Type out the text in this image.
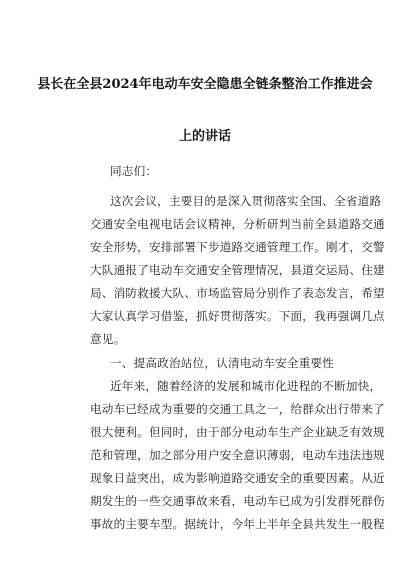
县长在全县2024年电动车安全隐患全链条整治工作推进会
上的讲话
同志们：
这次会议，主要目的是深入贯彻落实全国、全省道路
交通安全电视电话会议精神，分析研判当前全县道路交通
安全形势，安排部署下步道路交通管理工作。刚才，交警
大队通报了电动车交通安全管理情况，县道交运局、住建
局、消防救援大队、市场监管局分别作了表态发言，希望
大家认真学习借鉴，抓好贯彻落实。下面，我再强调几点
意见。
一、提高政治站位，认清电动车安全重要性
近年来，随着经济的发展和城市化进程的不断加快，
电动车已经成为重要的交通工具之一，给群众出行带来了
很大便利。但同时，由于部分电动车生产企业缺乏有效规
范和管理，加之部分用户安全意识薄弱，电动车违法违规
现象日益突出，成为影响道路交通安全的重要因素。从近
期发生的一些交通事故来看，电动车已成为引发群死群伤
事故的主要车型。据统计，今年上半年全县共发生一般程
